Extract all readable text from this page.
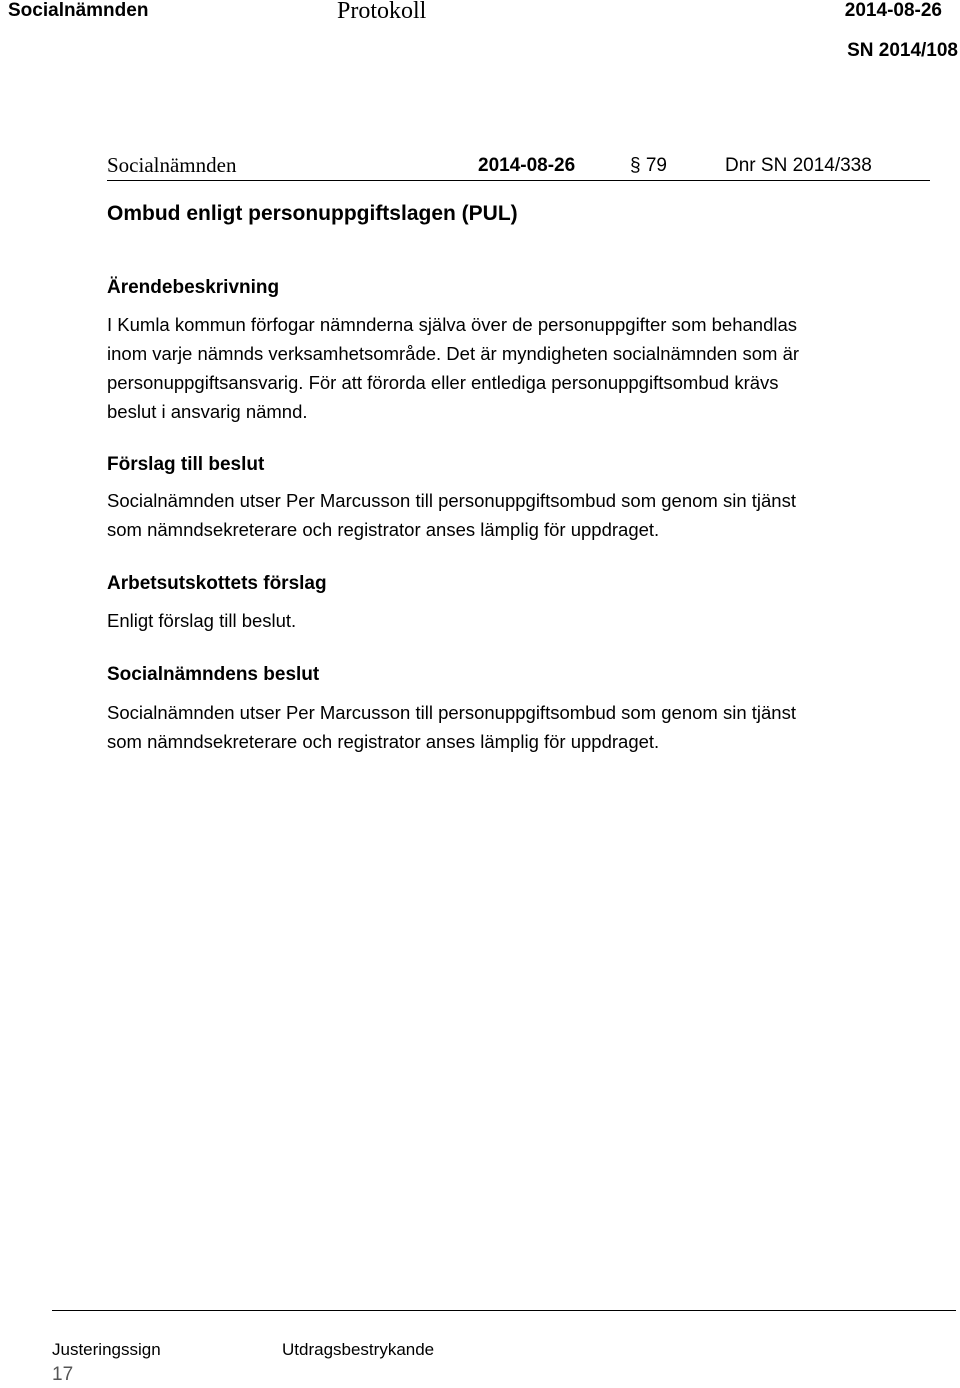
Socialnämnden	Protokoll	2014-08-26
SN 2014/108
Socialnämnden	2014-08-26	§ 79	Dnr SN 2014/338
Ombud enligt personuppgiftslagen (PUL)
Ärendebeskrivning
I Kumla kommun förfogar nämnderna själva över de personuppgifter som behandlas
inom varje nämnds verksamhetsområde. Det är myndigheten socialnämnden som är
personuppgiftsansvarig. För att förorda eller entlediga personuppgiftsombud krävs
beslut i ansvarig nämnd.
Förslag till beslut
Socialnämnden utser Per Marcusson till personuppgiftsombud som genom sin tjänst
som nämndsekreterare och registrator anses lämplig för uppdraget.
Arbetsutskottets förslag
Enligt förslag till beslut.
Socialnämndens beslut
Socialnämnden utser Per Marcusson till personuppgiftsombud som genom sin tjänst
som nämndsekreterare och registrator anses lämplig för uppdraget.
Justeringssign	Utdragsbestrykande
17
